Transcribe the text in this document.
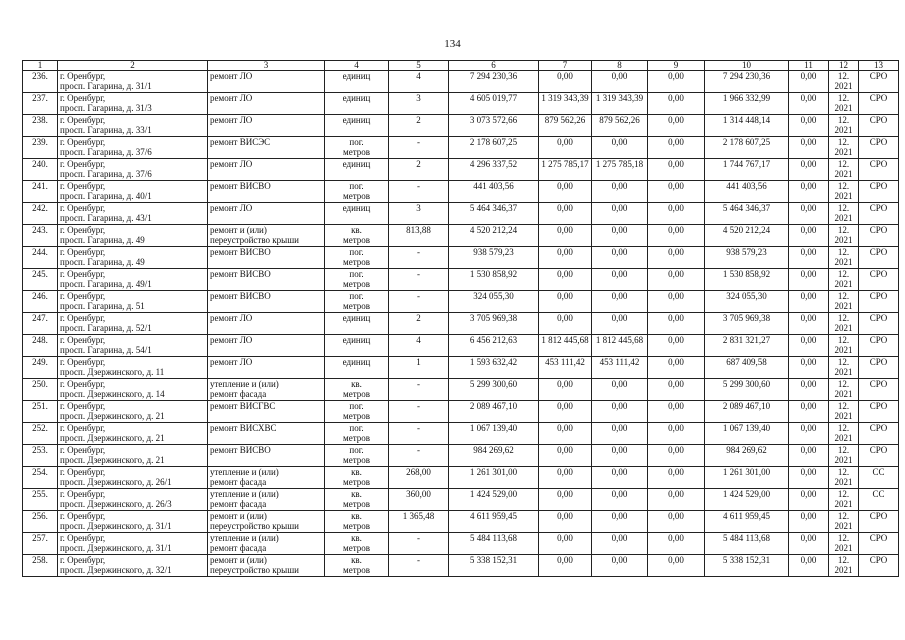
134
1	2	3	4	5	6	7	8	9	10	11	12	13
236.	г. Оренбург,
просп. Гагарина, д. 31/1	ремонт ЛО	единиц	4	7 294 230,36	0,00	0,00	0,00	7 294 230,36	0,00	12.
2021	СРО
237.	г. Оренбург,
просп. Гагарина, д. 31/3	ремонт ЛО	единиц	3	4 605 019,77	1 319 343,39	1 319 343,39	0,00	1 966 332,99	0,00	12.
2021	СРО
238.	г. Оренбург,
просп. Гагарина, д. 33/1	ремонт ЛО	единиц	2	3 073 572,66	879 562,26	879 562,26	0,00	1 314 448,14	0,00	12.
2021	СРО
239.	г. Оренбург,
просп. Гагарина, д. 37/6	ремонт ВИСЭС	пог.
метров	-	2 178 607,25	0,00	0,00	0,00	2 178 607,25	0,00	12.
2021	СРО
240.	г. Оренбург,
просп. Гагарина, д. 37/6	ремонт ЛО	единиц	2	4 296 337,52	1 275 785,17	1 275 785,18	0,00	1 744 767,17	0,00	12.
2021	СРО
241.	г. Оренбург,
просп. Гагарина, д. 40/1	ремонт ВИСВО	пог.
метров	-	441 403,56	0,00	0,00	0,00	441 403,56	0,00	12.
2021	СРО
242.	г. Оренбург,
просп. Гагарина, д. 43/1	ремонт ЛО	единиц	3	5 464 346,37	0,00	0,00	0,00	5 464 346,37	0,00	12.
2021	СРО
243.	г. Оренбург,
просп. Гагарина, д. 49	ремонт и (или)
переустройство крыши	кв.
метров	813,88	4 520 212,24	0,00	0,00	0,00	4 520 212,24	0,00	12.
2021	СРО
244.	г. Оренбург,
просп. Гагарина, д. 49	ремонт ВИСВО	пог.
метров	-	938 579,23	0,00	0,00	0,00	938 579,23	0,00	12.
2021	СРО
245.	г. Оренбург,
просп. Гагарина, д. 49/1	ремонт ВИСВО	пог.
метров	-	1 530 858,92	0,00	0,00	0,00	1 530 858,92	0,00	12.
2021	СРО
246.	г. Оренбург,
просп. Гагарина, д. 51	ремонт ВИСВО	пог.
метров	-	324 055,30	0,00	0,00	0,00	324 055,30	0,00	12.
2021	СРО
247.	г. Оренбург,
просп. Гагарина, д. 52/1	ремонт ЛО	единиц	2	3 705 969,38	0,00	0,00	0,00	3 705 969,38	0,00	12.
2021	СРО
248.	г. Оренбург,
просп. Гагарина, д. 54/1	ремонт ЛО	единиц	4	6 456 212,63	1 812 445,68	1 812 445,68	0,00	2 831 321,27	0,00	12.
2021	СРО
249.	г. Оренбург,
просп. Дзержинского, д. 11	ремонт ЛО	единиц	1	1 593 632,42	453 111,42	453 111,42	0,00	687 409,58	0,00	12.
2021	СРО
250.	г. Оренбург,
просп. Дзержинского, д. 14	утепление и (или)
ремонт фасада	кв.
метров	-	5 299 300,60	0,00	0,00	0,00	5 299 300,60	0,00	12.
2021	СРО
251.	г. Оренбург,
просп. Дзержинского, д. 21	ремонт ВИСГВС	пог.
метров	-	2 089 467,10	0,00	0,00	0,00	2 089 467,10	0,00	12.
2021	СРО
252.	г. Оренбург,
просп. Дзержинского, д. 21	ремонт ВИСХВС	пог.
метров	-	1 067 139,40	0,00	0,00	0,00	1 067 139,40	0,00	12.
2021	СРО
253.	г. Оренбург,
просп. Дзержинского, д. 21	ремонт ВИСВО	пог.
метров	-	984 269,62	0,00	0,00	0,00	984 269,62	0,00	12.
2021	СРО
254.	г. Оренбург,
просп. Дзержинского, д. 26/1	утепление и (или)
ремонт фасада	кв.
метров	268,00	1 261 301,00	0,00	0,00	0,00	1 261 301,00	0,00	12.
2021	СС
255.	г. Оренбург,
просп. Дзержинского, д. 26/3	утепление и (или)
ремонт фасада	кв.
метров	360,00	1 424 529,00	0,00	0,00	0,00	1 424 529,00	0,00	12.
2021	СС
256.	г. Оренбург,
просп. Дзержинского, д. 31/1	ремонт и (или)
переустройство крыши	кв.
метров	1 365,48	4 611 959,45	0,00	0,00	0,00	4 611 959,45	0,00	12.
2021	СРО
257.	г. Оренбург,
просп. Дзержинского, д. 31/1	утепление и (или)
ремонт фасада	кв.
метров	-	5 484 113,68	0,00	0,00	0,00	5 484 113,68	0,00	12.
2021	СРО
258.	г. Оренбург,
просп. Дзержинского, д. 32/1	ремонт и (или)
переустройство крыши	кв.
метров	-	5 338 152,31	0,00	0,00	0,00	5 338 152,31	0,00	12.
2021	СРО
